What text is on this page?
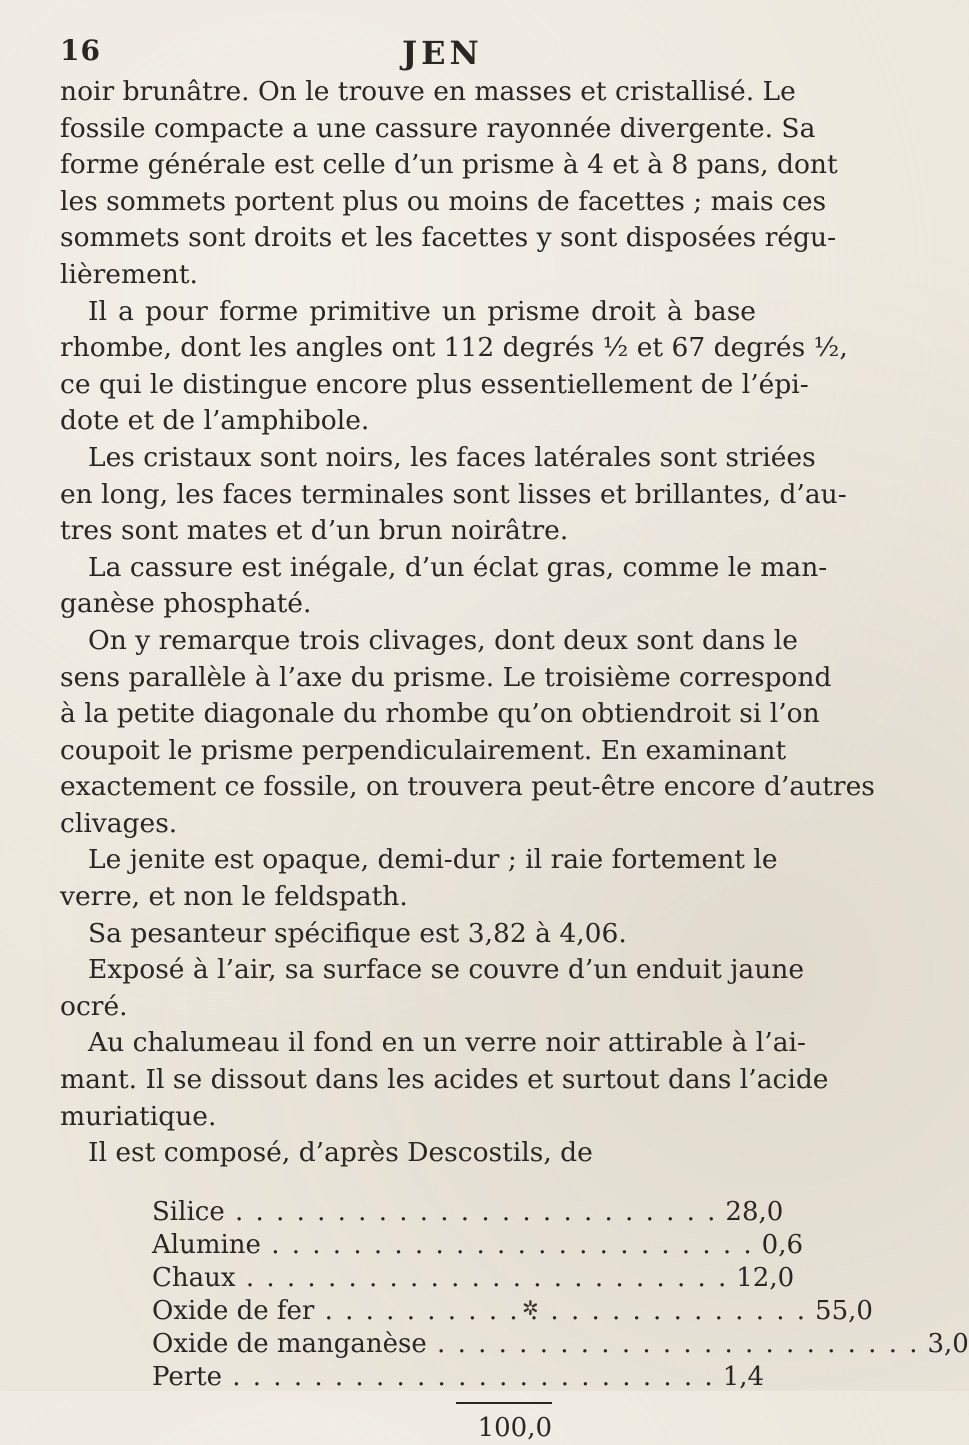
16	JEN
noir brunâtre. On le trouve en masses et cristallisé. Le
fossile compacte a une cassure rayonnée divergente. Sa
forme générale est celle d’un prisme à 4 et à 8 pans, dont
les sommets portent plus ou moins de facettes ; mais ces
sommets sont droits et les facettes y sont disposées régu-
lièrement.
Il a pour forme primitive un prisme droit à base
rhombe, dont les angles ont 112 degrés ½ et 67 degrés ½,
ce qui le distingue encore plus essentiellement de l’épi-
dote et de l’amphibole.
Les cristaux sont noirs, les faces latérales sont striées
en long, les faces terminales sont lisses et brillantes, d’au-
tres sont mates et d’un brun noirâtre.
La cassure est inégale, d’un éclat gras, comme le man-
ganèse phosphaté.
On y remarque trois clivages, dont deux sont dans le
sens parallèle à l’axe du prisme. Le troisième correspond
à la petite diagonale du rhombe qu’on obtiendroit si l’on
coupoit le prisme perpendiculairement. En examinant
exactement ce fossile, on trouvera peut-être encore d’autres
clivages.
Le jenite est opaque, demi-dur ; il raie fortement le
verre, et non le feldspath.
Sa pesanteur spécifique est 3,82 à 4,06.
Exposé à l’air, sa surface se couvre d’un enduit jaune
ocré.
Au chalumeau il fond en un verre noir attirable à l’ai-
mant. Il se dissout dans les acides et surtout dans l’acide
muriatique.
Il est composé, d’après Descostils, de
Silice . . .	28,0
Alumine . . .	0,6
Chaux . . .	12,0
Oxide de fer . . .	55,0
Oxide de manganèse . . .	3,0
Perte . . .	1,4
100,0
✲
